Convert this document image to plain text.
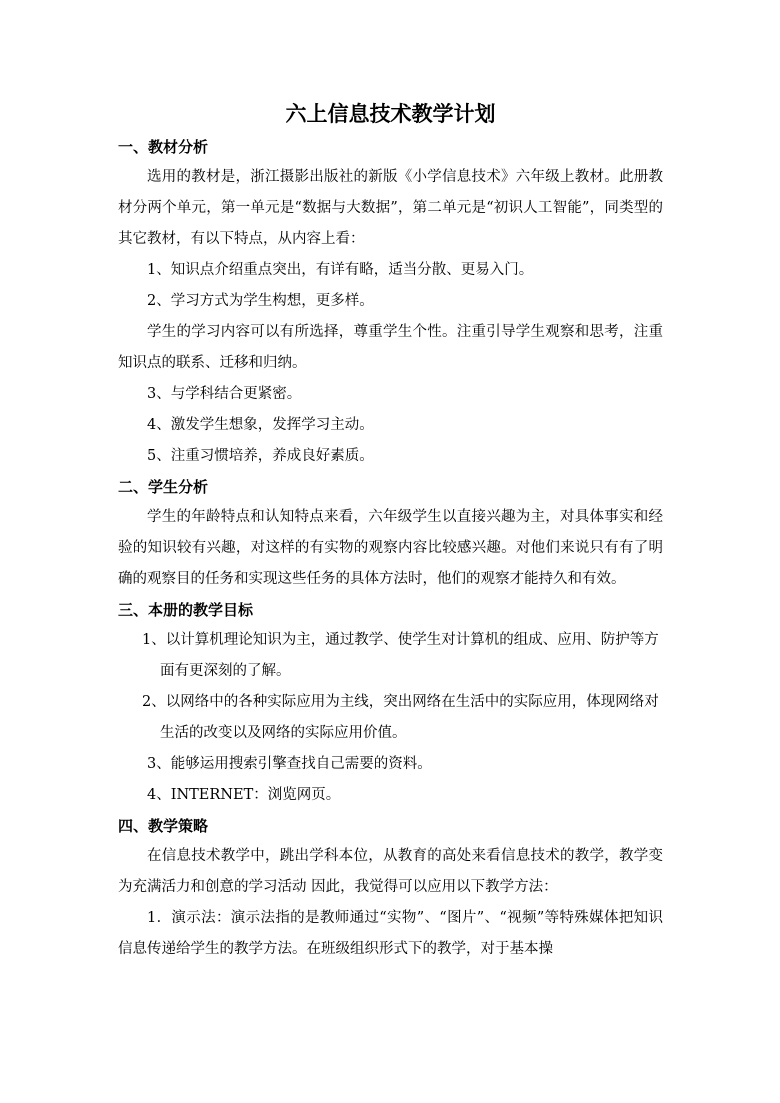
六上信息技术教学计划
一、教材分析

选用的教材是，浙江摄影出版社的新版《小学信息技术》六年级上教材。此册教材分两个单元，第一单元是“数据与大数据”，第二单元是“初识人工智能”，同类型的其它教材，有以下特点，从内容上看：

1、知识点介绍重点突出，有详有略，适当分散、更易入门。

2、学习方式为学生构想，更多样。

学生的学习内容可以有所选择，尊重学生个性。注重引导学生观察和思考，注重知识点的联系、迁移和归纳。

3、与学科结合更紧密。

4、激发学生想象，发挥学习主动。

5、注重习惯培养，养成良好素质。

二、学生分析

学生的年龄特点和认知特点来看，六年级学生以直接兴趣为主，对具体事实和经验的知识较有兴趣，对这样的有实物的观察内容比较感兴趣。对他们来说只有有了明确的观察目的任务和实现这些任务的具体方法时，他们的观察才能持久和有效。

三、本册的教学目标

1、以计算机理论知识为主，通过教学、使学生对计算机的组成、应用、防护等方面有更深刻的了解。

2、以网络中的各种实际应用为主线，突出网络在生活中的实际应用，体现网络对生活的改变以及网络的实际应用价值。

3、能够运用搜索引擎查找自己需要的资料。

4、INTERNET：浏览网页。

四、教学策略

在信息技术教学中，跳出学科本位，从教育的高处来看信息技术的教学，教学变为充满活力和创意的学习活动 因此，我觉得可以应用以下教学方法：

1．演示法：演示法指的是教师通过“实物”、“图片”、“视频”等特殊媒体把知识信息传递给学生的教学方法。在班级组织形式下的教学，对于基本操
